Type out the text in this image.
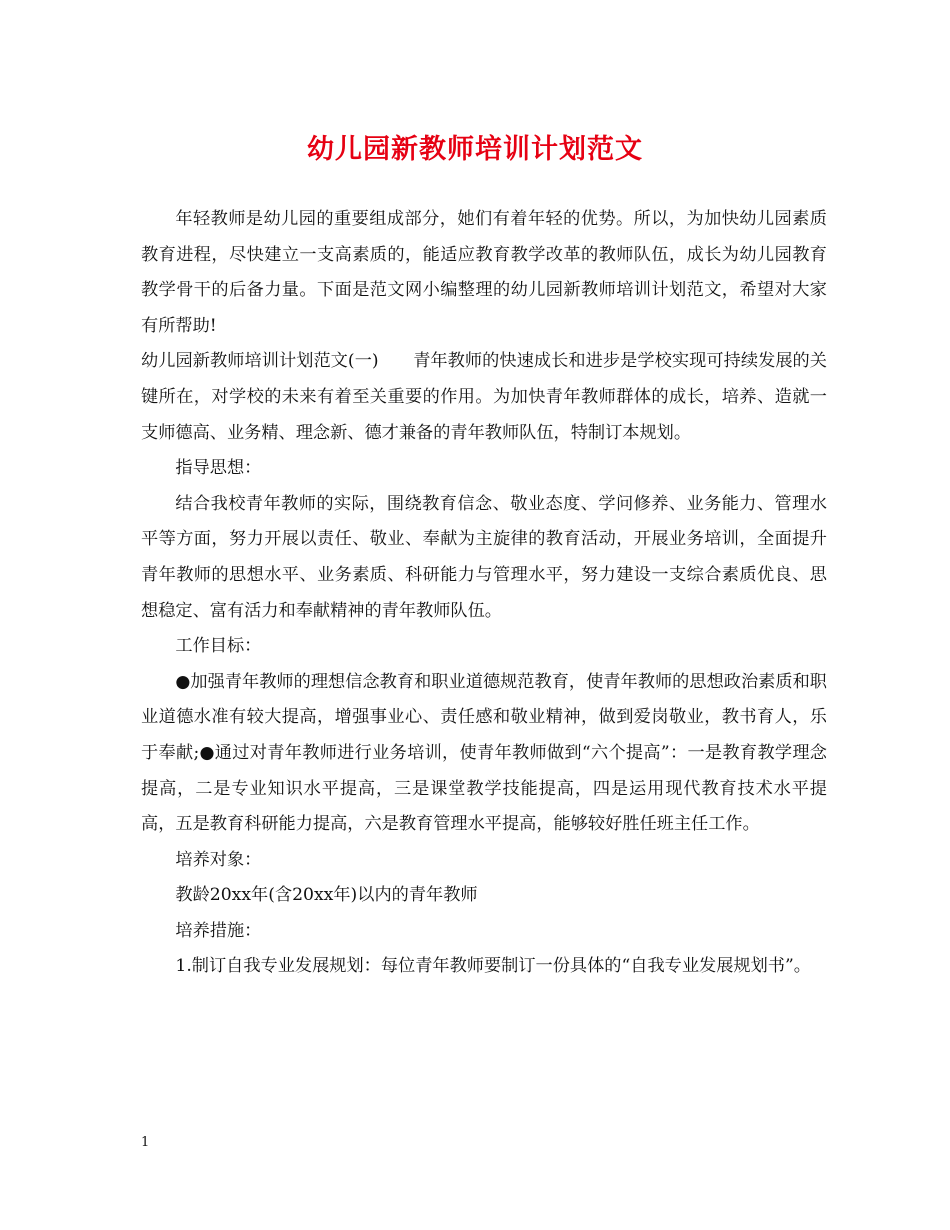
幼儿园新教师培训计划范文

年轻教师是幼儿园的重要组成部分，她们有着年轻的优势。所以，为加快幼儿园素质教育进程，尽快建立一支高素质的，能适应教育教学改革的教师队伍，成长为幼儿园教育教学骨干的后备力量。下面是范文网小编整理的幼儿园新教师培训计划范文，希望对大家有所帮助!

幼儿园新教师培训计划范文(一)　　青年教师的快速成长和进步是学校实现可持续发展的关键所在，对学校的未来有着至关重要的作用。为加快青年教师群体的成长，培养、造就一支师德高、业务精、理念新、德才兼备的青年教师队伍，特制订本规划。

指导思想：

结合我校青年教师的实际，围绕教育信念、敬业态度、学问修养、业务能力、管理水平等方面，努力开展以责任、敬业、奉献为主旋律的教育活动，开展业务培训，全面提升青年教师的思想水平、业务素质、科研能力与管理水平，努力建设一支综合素质优良、思想稳定、富有活力和奉献精神的青年教师队伍。

工作目标：

●加强青年教师的理想信念教育和职业道德规范教育，使青年教师的思想政治素质和职业道德水准有较大提高，增强事业心、责任感和敬业精神，做到爱岗敬业，教书育人，乐于奉献;●通过对青年教师进行业务培训，使青年教师做到“六个提高”：一是教育教学理念提高，二是专业知识水平提高，三是课堂教学技能提高，四是运用现代教育技术水平提高，五是教育科研能力提高，六是教育管理水平提高，能够较好胜任班主任工作。

培养对象：

教龄20xx年(含20xx年)以内的青年教师

培养措施：

1.制订自我专业发展规划：每位青年教师要制订一份具体的“自我专业发展规划书”。

1
